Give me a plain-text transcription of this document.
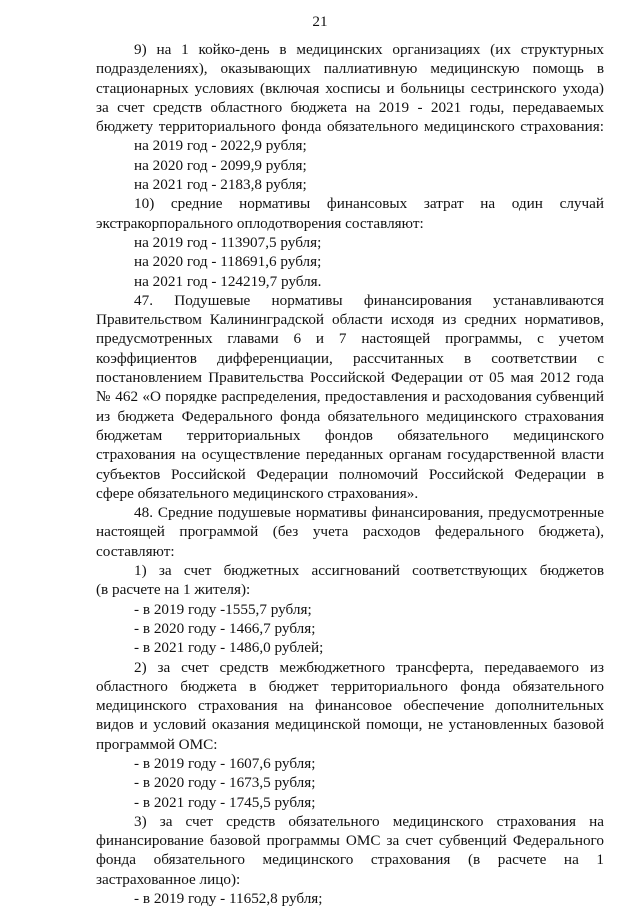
21
9) на 1 койко-день в медицинских организациях (их структурных
подразделениях), оказывающих паллиативную медицинскую помощь в
стационарных условиях (включая хосписы и больницы сестринского ухода)
за счет средств областного бюджета на 2019 - 2021 годы, передаваемых
бюджету территориального фонда обязательного медицинского страхования:
на 2019 год - 2022,9 рубля;
на 2020 год - 2099,9 рубля;
на 2021 год - 2183,8 рубля;
10) средние нормативы финансовых затрат на один случай
экстракорпорального оплодотворения составляют:
на 2019 год - 113907,5 рубля;
на 2020 год - 118691,6 рубля;
на 2021 год - 124219,7 рубля.
47. Подушевые нормативы финансирования устанавливаются
Правительством Калининградской области исходя из средних нормативов,
предусмотренных главами 6 и 7 настоящей программы, с учетом
коэффициентов дифференциации, рассчитанных в соответствии с
постановлением Правительства Российской Федерации от 05 мая 2012 года
№ 462 «О порядке распределения, предоставления и расходования субвенций
из бюджета Федерального фонда обязательного медицинского страхования
бюджетам территориальных фондов обязательного медицинского
страхования на осуществление переданных органам государственной власти
субъектов Российской Федерации полномочий Российской Федерации в
сфере обязательного медицинского страхования».
48. Средние подушевые нормативы финансирования, предусмотренные
настоящей программой (без учета расходов федерального бюджета),
составляют:
1) за счет бюджетных ассигнований соответствующих бюджетов
(в расчете на 1 жителя):
- в 2019 году -1555,7 рубля;
- в 2020 году - 1466,7 рубля;
- в 2021 году - 1486,0 рублей;
2) за счет средств межбюджетного трансферта, передаваемого из
областного бюджета в бюджет территориального фонда обязательного
медицинского страхования на финансовое обеспечение дополнительных
видов и условий оказания медицинской помощи, не установленных базовой
программой ОМС:
- в 2019 году - 1607,6 рубля;
- в 2020 году - 1673,5 рубля;
- в 2021 году - 1745,5 рубля;
3) за счет средств обязательного медицинского страхования на
финансирование базовой программы ОМС за счет субвенций Федерального
фонда обязательного медицинского страхования (в расчете на 1
застрахованное лицо):
- в 2019 году - 11652,8 рубля;
